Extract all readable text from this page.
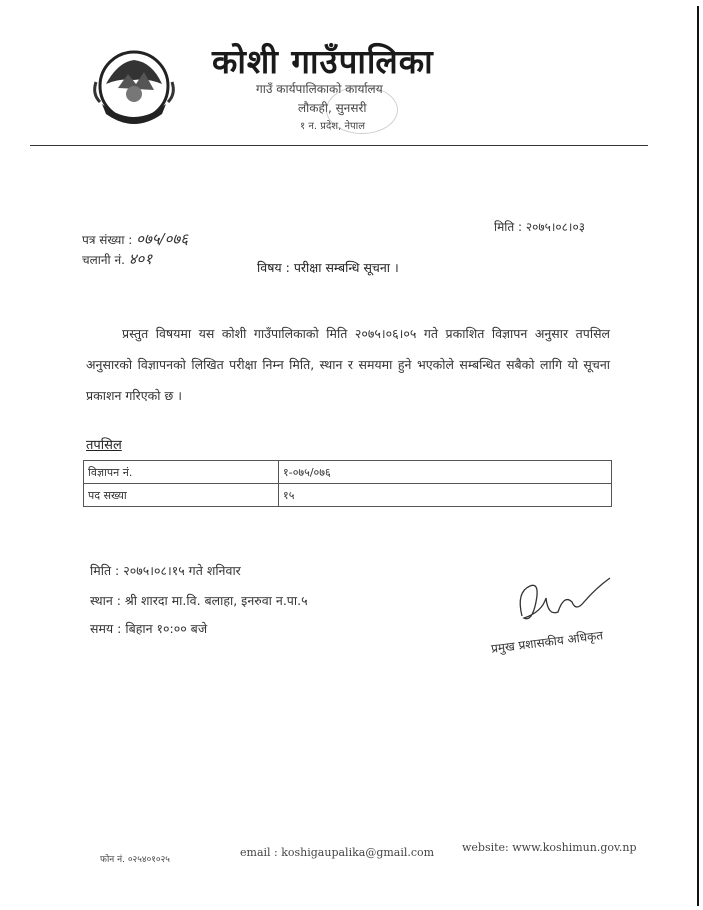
कोशी गाउँपालिका
गाउँ कार्यपालिकाको कार्यालय
लौकही, सुनसरी
१ न. प्रदेश, नेपाल
पत्र संख्या : ०७५/०७६
चलानी नं. ४०१
मिति : २०७५।०८।०३
विषय : परीक्षा सम्बन्धि सूचना ।
प्रस्तुत विषयमा यस कोशी गाउँपालिकाको मिति २०७५।०६।०५ गते प्रकाशित विज्ञापन अनुसार तपसिल अनुसारको विज्ञापनको लिखित परीक्षा निम्न मिति, स्थान र समयमा हुने भएकोले सम्बन्धित सबैको लागि यो सूचना प्रकाशन गरिएको छ ।
तपसिल
विज्ञापन नं.	१-०७५/०७६
पद सख्या	१५
मिति : २०७५।०८।१५ गते शनिवार
स्थान : श्री शारदा मा.वि. बलाहा, इनरुवा न.पा.५
समय : बिहान १०:०० बजे	प्रमुख प्रशासकीय अधिकृत
फोन नं. ०२५४०१०२५
email : koshigaupalika@gmail.com	website: www.koshimun.gov.np
